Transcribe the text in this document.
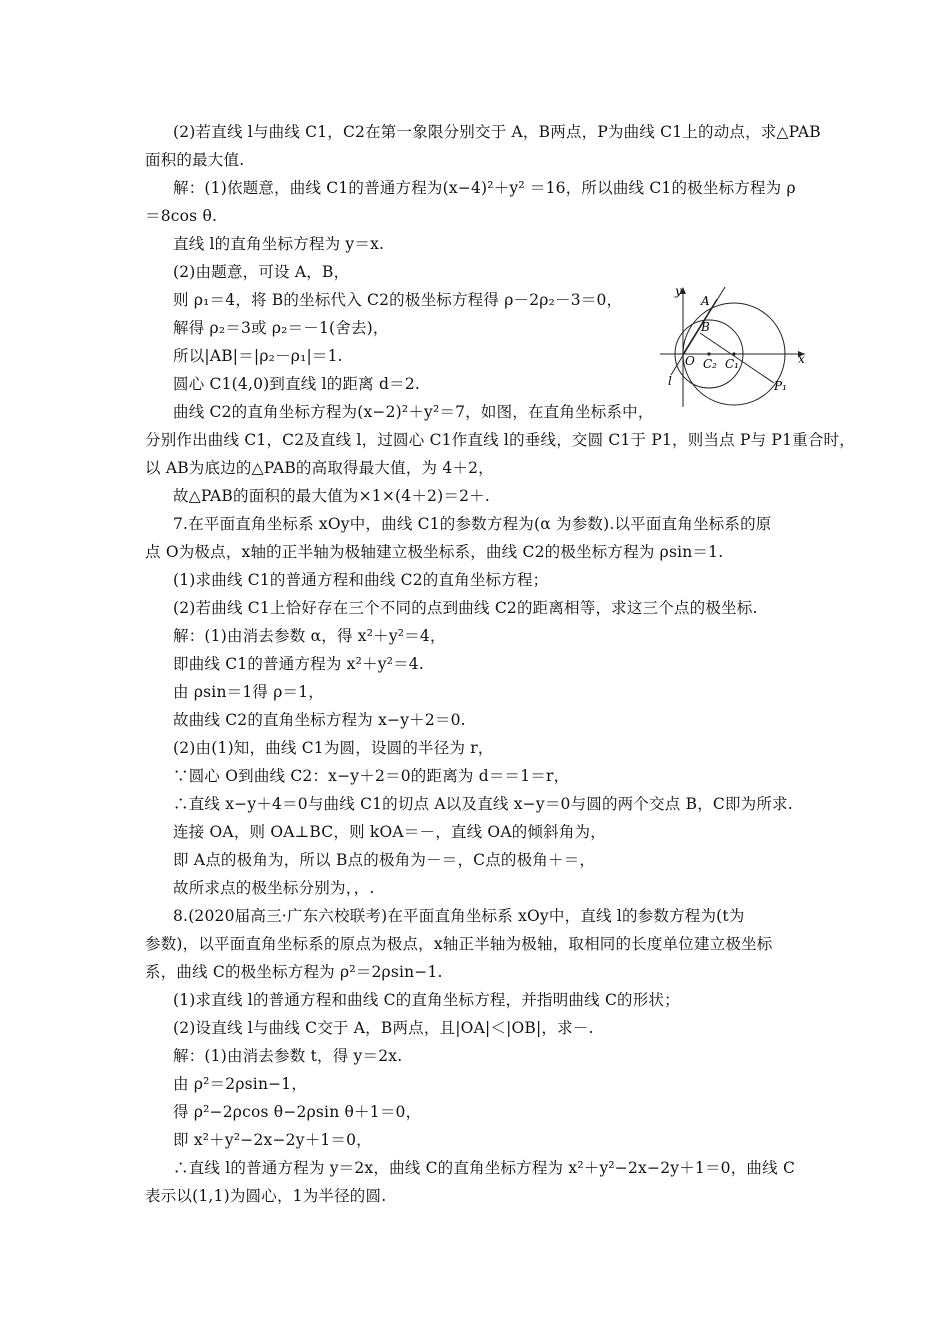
(2)若直线 l与曲线 C1，C2在第一象限分别交于 A，B两点，P为曲线 C1上的动点，求△PAB
面积的最大值.
解：(1)依题意，曲线 C1的普通方程为(x−4)²＋y² ＝16，所以曲线 C1的极坐标方程为 ρ
＝8cos θ.
直线 l的直角坐标方程为 y＝x.
(2)由题意，可设 A，B，
则 ρ₁＝4，将 B的坐标代入 C2的极坐标方程得 ρ－2ρ₂－3＝0，
解得 ρ₂＝3或 ρ₂＝－1(舍去)，
所以|AB|＝|ρ₂－ρ₁|＝1.
圆心 C1(4,0)到直线 l的距离 d＝2.
曲线 C2的直角坐标方程为(x−2)²＋y²＝7，如图，在直角坐标系中，
分别作出曲线 C1，C2及直线 l，过圆心 C1作直线 l的垂线，交圆 C1于 P1，则当点 P与 P1重合时，
以 AB为底边的△PAB的高取得最大值，为 4＋2，
故△PAB的面积的最大值为×1×(4＋2)＝2＋.
7.在平面直角坐标系 xOy中，曲线 C1的参数方程为(α 为参数).以平面直角坐标系的原
点 O为极点，x轴的正半轴为极轴建立极坐标系，曲线 C2的极坐标方程为 ρsin＝1.
(1)求曲线 C1的普通方程和曲线 C2的直角坐标方程；
(2)若曲线 C1上恰好存在三个不同的点到曲线 C2的距离相等，求这三个点的极坐标.
解：(1)由消去参数 α，得 x²＋y²＝4，
即曲线 C1的普通方程为 x²＋y²＝4.
由 ρsin＝1得 ρ＝1，
故曲线 C2的直角坐标方程为 x−y＋2＝0.
(2)由(1)知，曲线 C1为圆，设圆的半径为 r，
∵圆心 O到曲线 C2：x−y＋2＝0的距离为 d＝＝1＝r，
∴直线 x−y＋4＝0与曲线 C1的切点 A以及直线 x−y＝0与圆的两个交点 B，C即为所求.
连接 OA，则 OA⊥BC，则 kOA＝－，直线 OA的倾斜角为，
即 A点的极角为，所以 B点的极角为－＝，C点的极角＋＝，
故所求点的极坐标分别为，，.
8.(2020届高三·广东六校联考)在平面直角坐标系 xOy中，直线 l的参数方程为(t为
参数)，以平面直角坐标系的原点为极点，x轴正半轴为极轴，取相同的长度单位建立极坐标
系，曲线 C的极坐标方程为 ρ²＝2ρsin−1.
(1)求直线 l的普通方程和曲线 C的直角坐标方程，并指明曲线 C的形状；
(2)设直线 l与曲线 C交于 A，B两点，且|OA|＜|OB|，求－.
解：(1)由消去参数 t，得 y＝2x.
由 ρ²＝2ρsin−1，
得 ρ²−2ρcos θ−2ρsin θ＋1＝0，
即 x²＋y²−2x−2y＋1＝0，
∴直线 l的普通方程为 y＝2x，曲线 C的直角坐标方程为 x²＋y²−2x−2y＋1＝0，曲线 C
表示以(1,1)为圆心，1为半径的圆.
y
x
A
B
O C₂ C₁
l	P₁
